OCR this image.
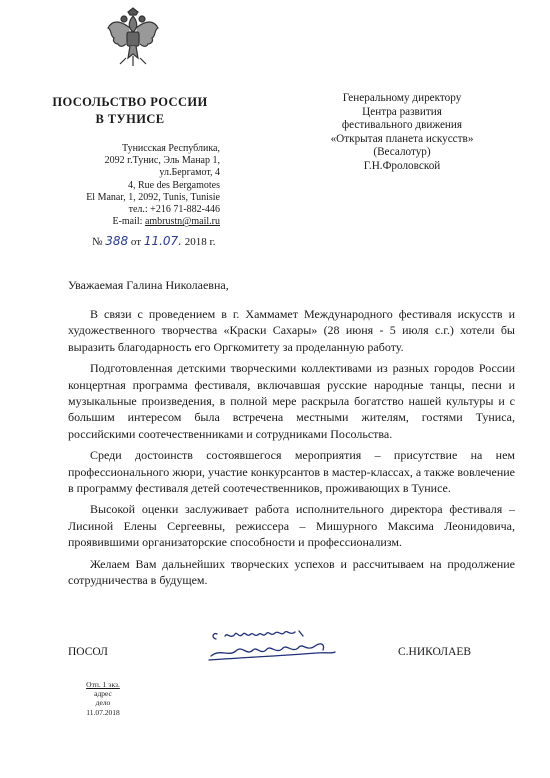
ПОСОЛЬСТВО РОССИИ
В ТУНИСЕ
Тунисская Республика,
2092 г.Тунис, Эль Манар 1,
ул.Бергамот, 4
4, Rue des Bergamotes
El Manar, 1, 2092, Tunis, Tunisie
тел.: +216 71-882-446
E-mail: ambrustn@mail.ru
№ 388 от 11.07. 2018 г.
Генеральному директору
Центра развития
фестивального движения
«Открытая планета искусств»
(Весалотур)
Г.Н.Фроловской
Уважаемая Галина Николаевна,

В связи с проведением в г. Хаммамет Международного фестиваля искусств и художественного творчества «Краски Сахары» (28 июня - 5 июля с.г.) хотели бы выразить благодарность его Оргкомитету за проделанную работу.

Подготовленная детскими творческими коллективами из разных городов России концертная программа фестиваля, включавшая русские народные танцы, песни и музыкальные произведения, в полной мере раскрыла богатство нашей культуры и с большим интересом была встречена местными жителям, гостями Туниса, российскими соотечественниками и сотрудниками Посольства.

Среди достоинств состоявшегося мероприятия – присутствие на нем профессионального жюри, участие конкурсантов в мастер-классах, а также вовлечение в программу фестиваля детей соотечественников, проживающих в Тунисе.

Высокой оценки заслуживает работа исполнительного директора фестиваля – Лисиной Елены Сергеевны, режиссера – Мишурного Максима Леонидовича, проявившими организаторские способности и профессионализм.

Желаем Вам дальнейших творческих успехов и рассчитываем на продолжение сотрудничества в будущем.

ПОСОЛ	С.НИКОЛАЕВ
Отп. 1 экз.
адрес
дело
11.07.2018
